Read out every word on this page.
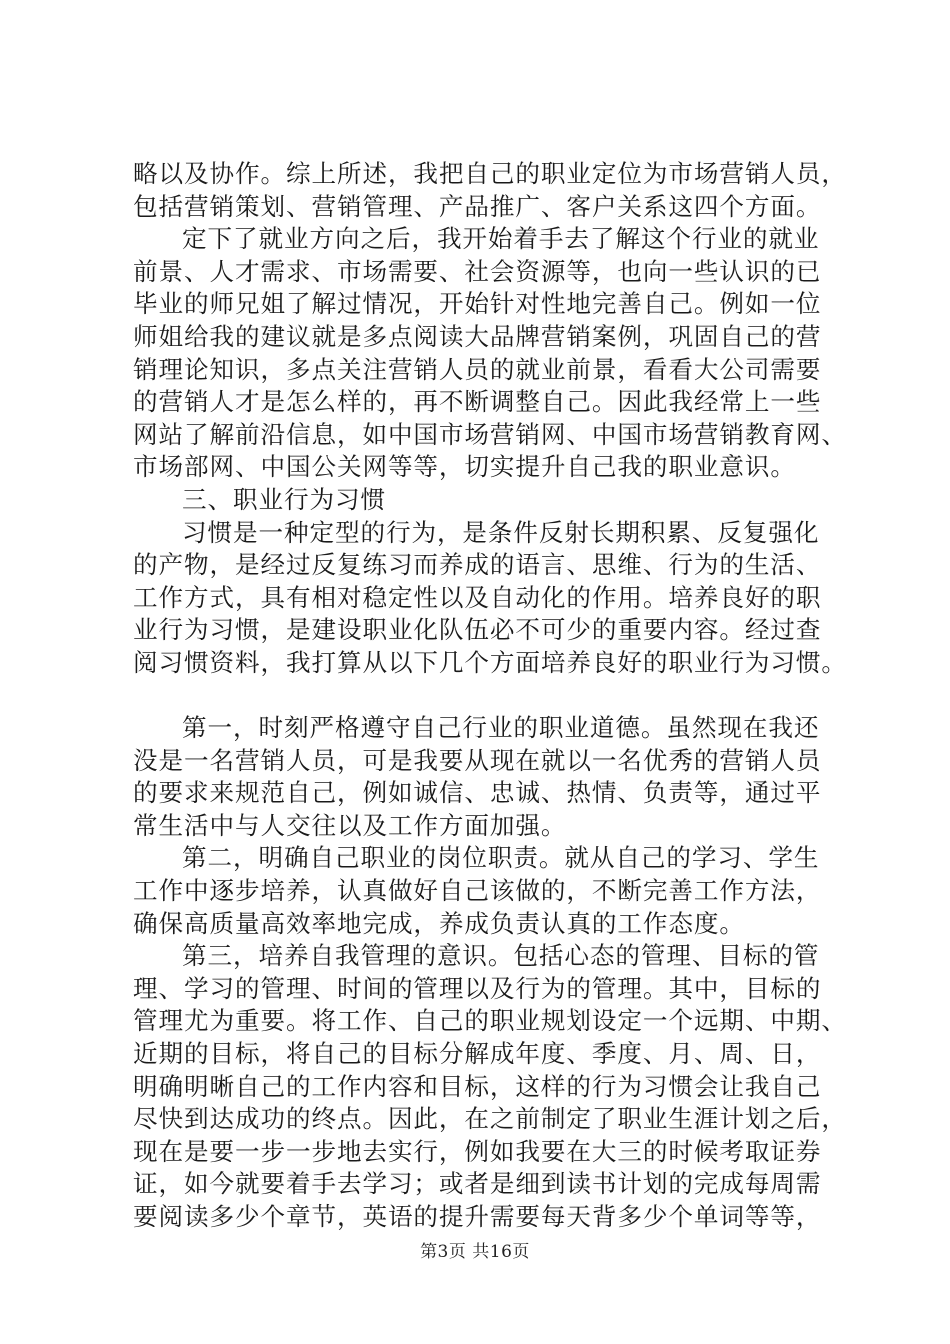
略以及协作。综上所述，我把自己的职业定位为市场营销人员，
包括营销策划、营销管理、产品推广、客户关系这四个方面。
定下了就业方向之后，我开始着手去了解这个行业的就业
前景、人才需求、市场需要、社会资源等，也向一些认识的已
毕业的师兄姐了解过情况，开始针对性地完善自己。例如一位
师姐给我的建议就是多点阅读大品牌营销案例，巩固自己的营
销理论知识，多点关注营销人员的就业前景，看看大公司需要
的营销人才是怎么样的，再不断调整自己。因此我经常上一些
网站了解前沿信息，如中国市场营销网、中国市场营销教育网、
市场部网、中国公关网等等，切实提升自己我的职业意识。
三、职业行为习惯
习惯是一种定型的行为，是条件反射长期积累、反复强化
的产物，是经过反复练习而养成的语言、思维、行为的生活、
工作方式，具有相对稳定性以及自动化的作用。培养良好的职
业行为习惯，是建设职业化队伍必不可少的重要内容。经过查
阅习惯资料，我打算从以下几个方面培养良好的职业行为习惯。
第一，时刻严格遵守自己行业的职业道德。虽然现在我还
没是一名营销人员，可是我要从现在就以一名优秀的营销人员
的要求来规范自己，例如诚信、忠诚、热情、负责等，通过平
常生活中与人交往以及工作方面加强。
第二，明确自己职业的岗位职责。就从自己的学习、学生
工作中逐步培养，认真做好自己该做的，不断完善工作方法，
确保高质量高效率地完成，养成负责认真的工作态度。
第三，培养自我管理的意识。包括心态的管理、目标的管
理、学习的管理、时间的管理以及行为的管理。其中，目标的
管理尤为重要。将工作、自己的职业规划设定一个远期、中期、
近期的目标，将自己的目标分解成年度、季度、月、周、日，
明确明晰自己的工作内容和目标，这样的行为习惯会让我自己
尽快到达成功的终点。因此，在之前制定了职业生涯计划之后，
现在是要一步一步地去实行，例如我要在大三的时候考取证券
证，如今就要着手去学习；或者是细到读书计划的完成每周需
要阅读多少个章节，英语的提升需要每天背多少个单词等等，
第3页 共16页
